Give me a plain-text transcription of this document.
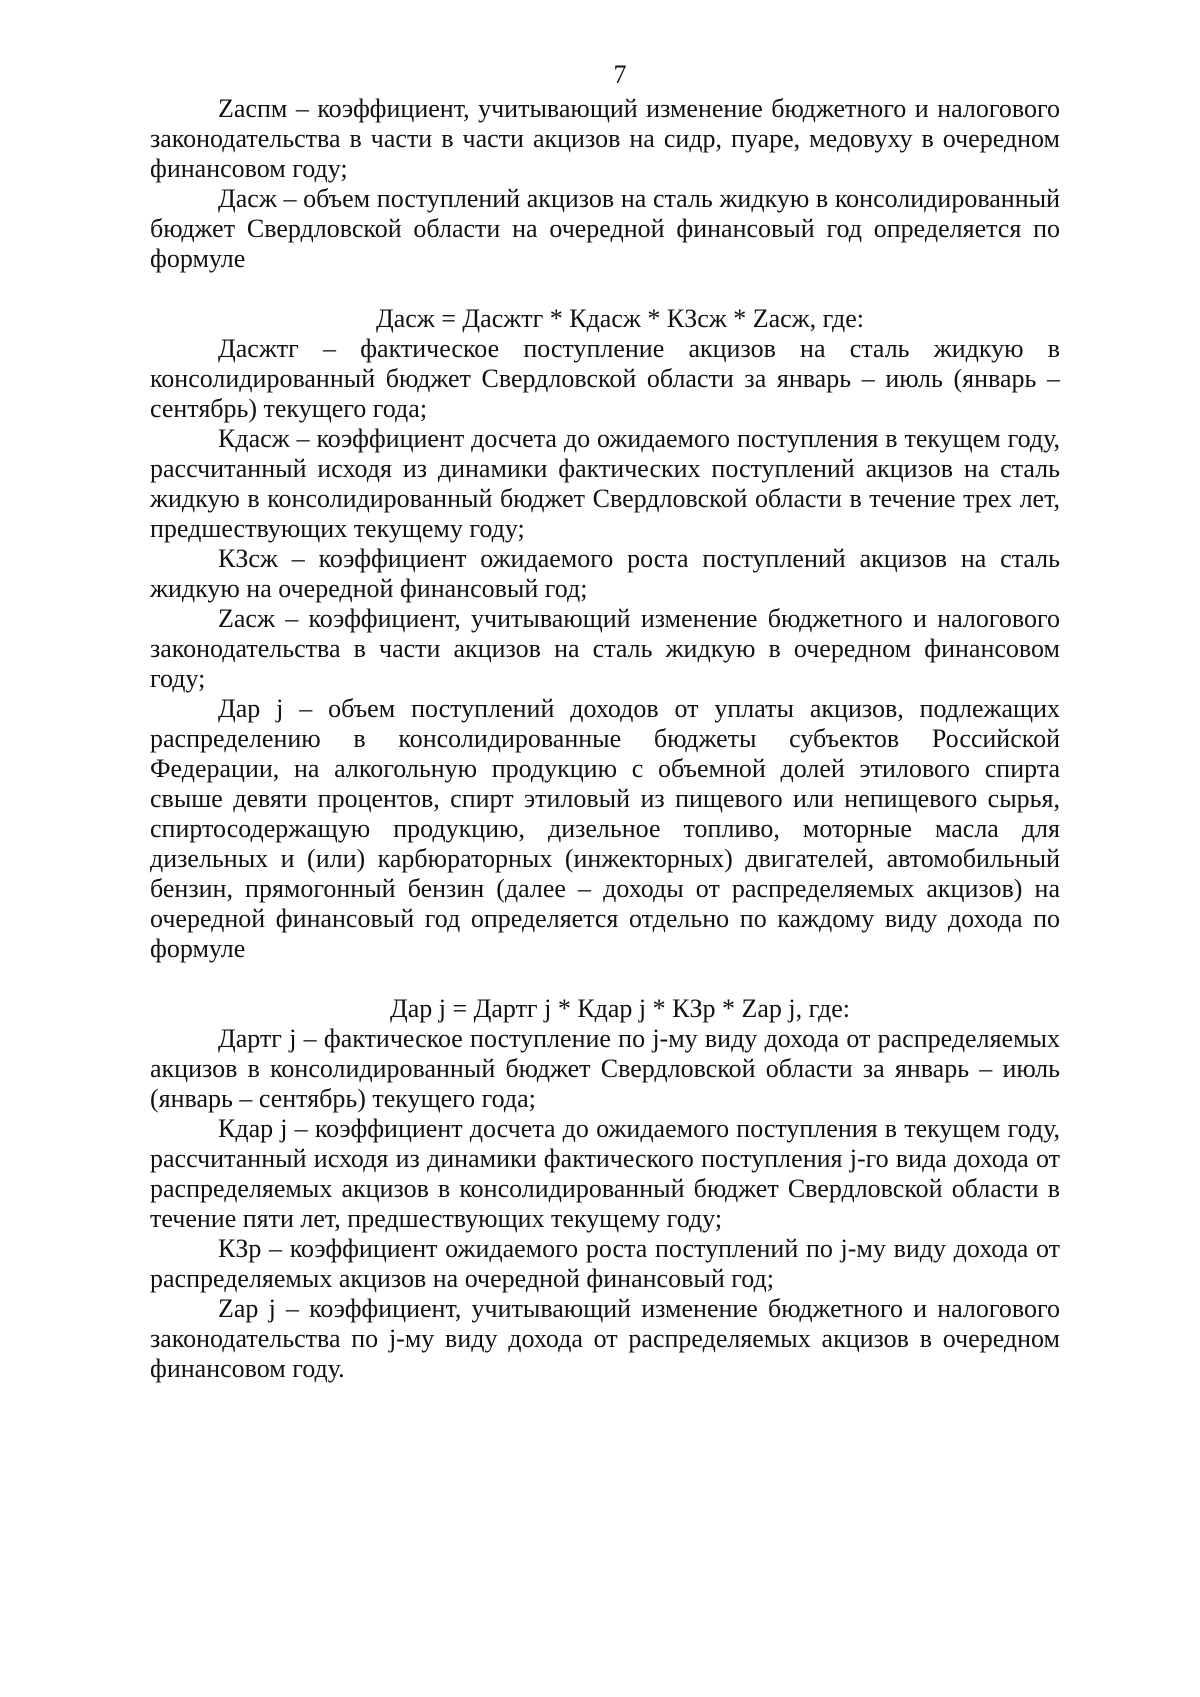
7

Zacпм – коэффициент, учитывающий изменение бюджетного и налогового законодательства в части в части акцизов на сидр, пуаре, медовуху в очередном финансовом году;

Дасж – объем поступлений акцизов на сталь жидкую в консолидированный бюджет Свердловской области на очередной финансовый год определяется по формуле

Дасж = Дасжтг * Кдасж * КЗсж * Zасж, где:

Дасжтг – фактическое поступление акцизов на сталь жидкую в консолидированный бюджет Свердловской области за январь – июль (январь – сентябрь) текущего года;

Кдасж – коэффициент досчета до ожидаемого поступления в текущем году, рассчитанный исходя из динамики фактических поступлений акцизов на сталь жидкую в консолидированный бюджет Свердловской области в течение трех лет, предшествующих текущему году;

КЗсж – коэффициент ожидаемого роста поступлений акцизов на сталь жидкую на очередной финансовый год;

Zасж – коэффициент, учитывающий изменение бюджетного и налогового законодательства в части акцизов на сталь жидкую в очередном финансовом году;

Дар j – объем поступлений доходов от уплаты акцизов, подлежащих распределению в консолидированные бюджеты субъектов Российской Федерации, на алкогольную продукцию с объемной долей этилового спирта свыше девяти процентов, спирт этиловый из пищевого или непищевого сырья, спиртосодержащую продукцию, дизельное топливо, моторные масла для дизельных и (или) карбюраторных (инжекторных) двигателей, автомобильный бензин, прямогонный бензин (далее – доходы от распределяемых акцизов) на очередной финансовый год определяется отдельно по каждому виду дохода по формуле

Дар j = Дартг j * Кдар j * КЗр * Zар j, где:

Дартг j – фактическое поступление по j-му виду дохода от распределяемых акцизов в консолидированный бюджет Свердловской области за январь – июль (январь – сентябрь) текущего года;

Кдар j – коэффициент досчета до ожидаемого поступления в текущем году, рассчитанный исходя из динамики фактического поступления j-го вида дохода от распределяемых акцизов в консолидированный бюджет Свердловской области в течение пяти лет, предшествующих текущему году;

КЗр – коэффициент ожидаемого роста поступлений по j-му виду дохода от распределяемых акцизов на очередной финансовый год;

Zар j – коэффициент, учитывающий изменение бюджетного и налогового законодательства по j-му виду дохода от распределяемых акцизов в очередном финансовом году.
